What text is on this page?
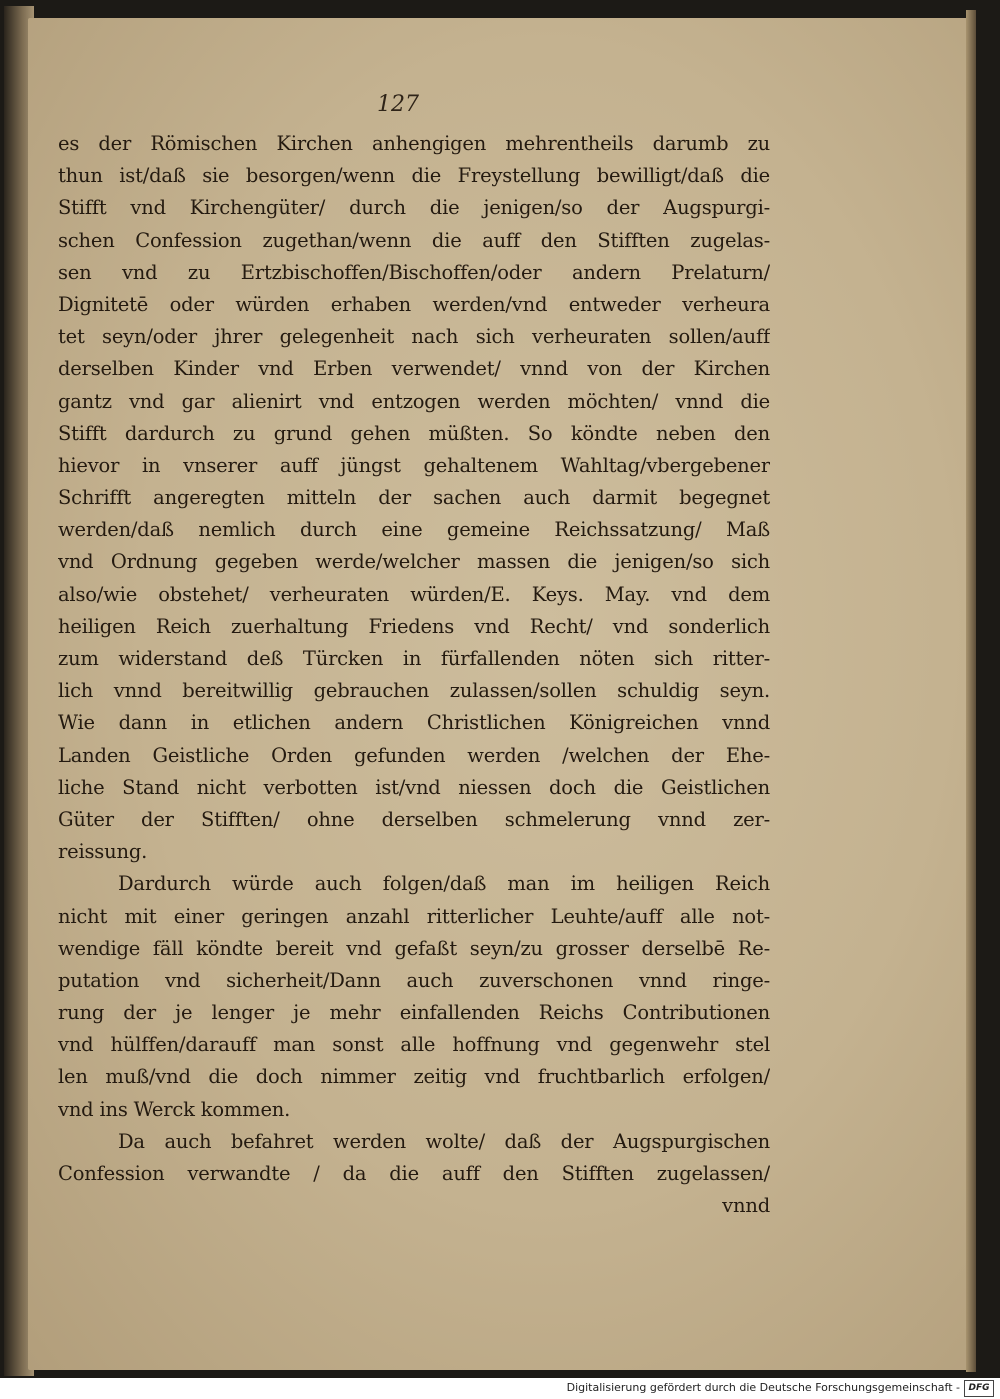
127
es der Römischen Kirchen anhengigen mehrentheils darumb zu
thun ist/daß sie besorgen/wenn die Freystellung bewilligt/daß die
Stifft vnd Kirchengüter/ durch die jenigen/so der Augspurgi-
schen Confession zugethan/wenn die auff den Stifften zugelas-
sen vnd zu Ertzbischoffen/Bischoffen/oder andern Prelaturn/
Dignitetē oder würden erhaben werden/vnd entweder verheura
tet seyn/oder jhrer gelegenheit nach sich verheuraten sollen/auff
derselben Kinder vnd Erben verwendet/ vnnd von der Kirchen
gantz vnd gar alienirt vnd entzogen werden möchten/ vnnd die
Stifft dardurch zu grund gehen müßten. So köndte neben den
hievor in vnserer auff jüngst gehaltenem Wahltag/vbergebener
Schrifft angeregten mitteln der sachen auch darmit begegnet
werden/daß nemlich durch eine gemeine Reichssatzung/ Maß
vnd Ordnung gegeben werde/welcher massen die jenigen/so sich
also/wie obstehet/ verheuraten würden/E. Keys. May. vnd dem
heiligen Reich zuerhaltung Friedens vnd Recht/ vnd sonderlich
zum widerstand deß Türcken in fürfallenden nöten sich ritter-
lich vnnd bereitwillig gebrauchen zulassen/sollen schuldig seyn.
Wie dann in etlichen andern Christlichen Königreichen vnnd
Landen Geistliche Orden gefunden werden /welchen der Ehe-
liche Stand nicht verbotten ist/vnd niessen doch die Geistlichen
Güter der Stifften/ ohne derselben schmelerung vnnd zer-
reissung.
Dardurch würde auch folgen/daß man im heiligen Reich
nicht mit einer geringen anzahl ritterlicher Leuhte/auff alle not-
wendige fäll köndte bereit vnd gefaßt seyn/zu grosser derselbē Re-
putation vnd sicherheit/Dann auch zuverschonen vnnd ringe-
rung der je lenger je mehr einfallenden Reichs Contributionen
vnd hülffen/darauff man sonst alle hoffnung vnd gegenwehr stel
len muß/vnd die doch nimmer zeitig vnd fruchtbarlich erfolgen/
vnd ins Werck kommen.
Da auch befahret werden wolte/ daß der Augspurgischen
Confession verwandte / da die auff den Stifften zugelassen/
vnnd
Digitalisierung gefördert durch die Deutsche Forschungsgemeinschaft - DFG
